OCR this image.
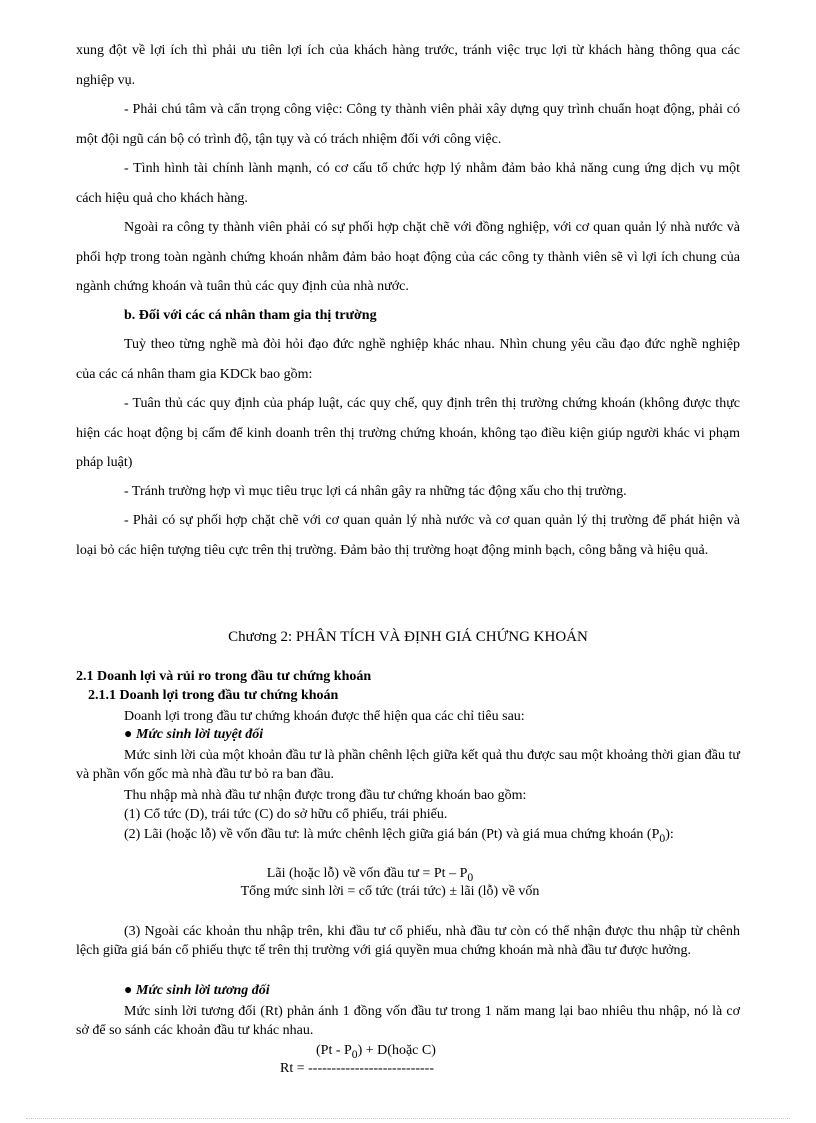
xung đột về lợi ích thì phải ưu tiên lợi ích của khách hàng trước, tránh việc trục lợi từ khách hàng thông qua các nghiệp vụ.

- Phải chú tâm và cẩn trọng công việc: Công ty thành viên phải xây dựng quy trình chuẩn hoạt động, phải có một đội ngũ cán bộ có trình độ, tận tụy và có trách nhiệm đối với công việc.

- Tình hình tài chính lành mạnh, có cơ cấu tổ chức hợp lý nhằm đảm bảo khả năng cung ứng dịch vụ một cách hiệu quả cho khách hàng.

Ngoài ra công ty thành viên phải có sự phối hợp chặt chẽ với đồng nghiệp, với cơ quan quản lý nhà nước và phối hợp trong toàn ngành chứng khoán nhằm đảm bảo hoạt động của các công ty thành viên sẽ vì lợi ích chung của ngành chứng khoán và tuân thủ các quy định của nhà nước.

b. Đối với các cá nhân tham gia thị trường

Tuỳ theo từng nghề mà đòi hỏi đạo đức nghề nghiệp khác nhau. Nhìn chung yêu cầu đạo đức nghề nghiệp của các cá nhân tham gia KDCk bao gồm:

- Tuân thủ các quy định của pháp luật, các quy chế, quy định trên thị trường chứng khoán (không được thực hiện các hoạt động bị cấm để kinh doanh trên thị trường chứng khoán, không tạo điều kiện giúp người khác vi phạm pháp luật)

- Tránh trường hợp vì mục tiêu trục lợi cá nhân gây ra những tác động xấu cho thị trường.

- Phải có sự phối hợp chặt chẽ với cơ quan quản lý nhà nước và cơ quan quản lý thị trường để phát hiện và loại bỏ các hiện tượng tiêu cực trên thị trường. Đảm bảo thị trường hoạt động minh bạch, công bằng và hiệu quả.

Chương 2: PHÂN TÍCH VÀ ĐỊNH GIÁ CHỨNG KHOÁN

2.1 Doanh lợi và rủi ro trong đầu tư chứng khoán

2.1.1 Doanh lợi trong đầu tư chứng khoán

Doanh lợi trong đầu tư chứng khoán được thể hiện qua các chỉ tiêu sau:

● Mức sinh lời tuyệt đối

Mức sinh lời của một khoản đầu tư là phần chênh lệch giữa kết quả thu được sau một khoảng thời gian đầu tư và phần vốn gốc mà nhà đầu tư bỏ ra ban đầu.

Thu nhập mà nhà đầu tư nhận được trong đầu tư chứng khoán bao gồm:

(1) Cổ tức (D), trái tức (C) do sở hữu cổ phiếu, trái phiếu.

(2) Lãi (hoặc lỗ) về vốn đầu tư: là mức chênh lệch giữa giá bán (Pt) và giá mua chứng khoán $(P_0)$:

Lãi (hoặc lỗ) về vốn đầu tư = Pt – $P_0$

Tổng mức sinh lời = cổ tức (trái tức) ± lãi (lỗ) về vốn

(3) Ngoài các khoản thu nhập trên, khi đầu tư cổ phiếu, nhà đầu tư còn có thể nhận được thu nhập từ chênh lệch giữa giá bán cổ phiếu thực tế trên thị trường với giá quyền mua chứng khoán mà nhà đầu tư được hưởng.

● Mức sinh lời tương đối

Mức sinh lời tương đối (Rt) phản ánh 1 đồng vốn đầu tư trong 1 năm mang lại bao nhiêu thu nhập, nó là cơ sở để so sánh các khoản đầu tư khác nhau.

$(Pt - P_0)$ + D(hoặc C)

Rt = ---------------------------
